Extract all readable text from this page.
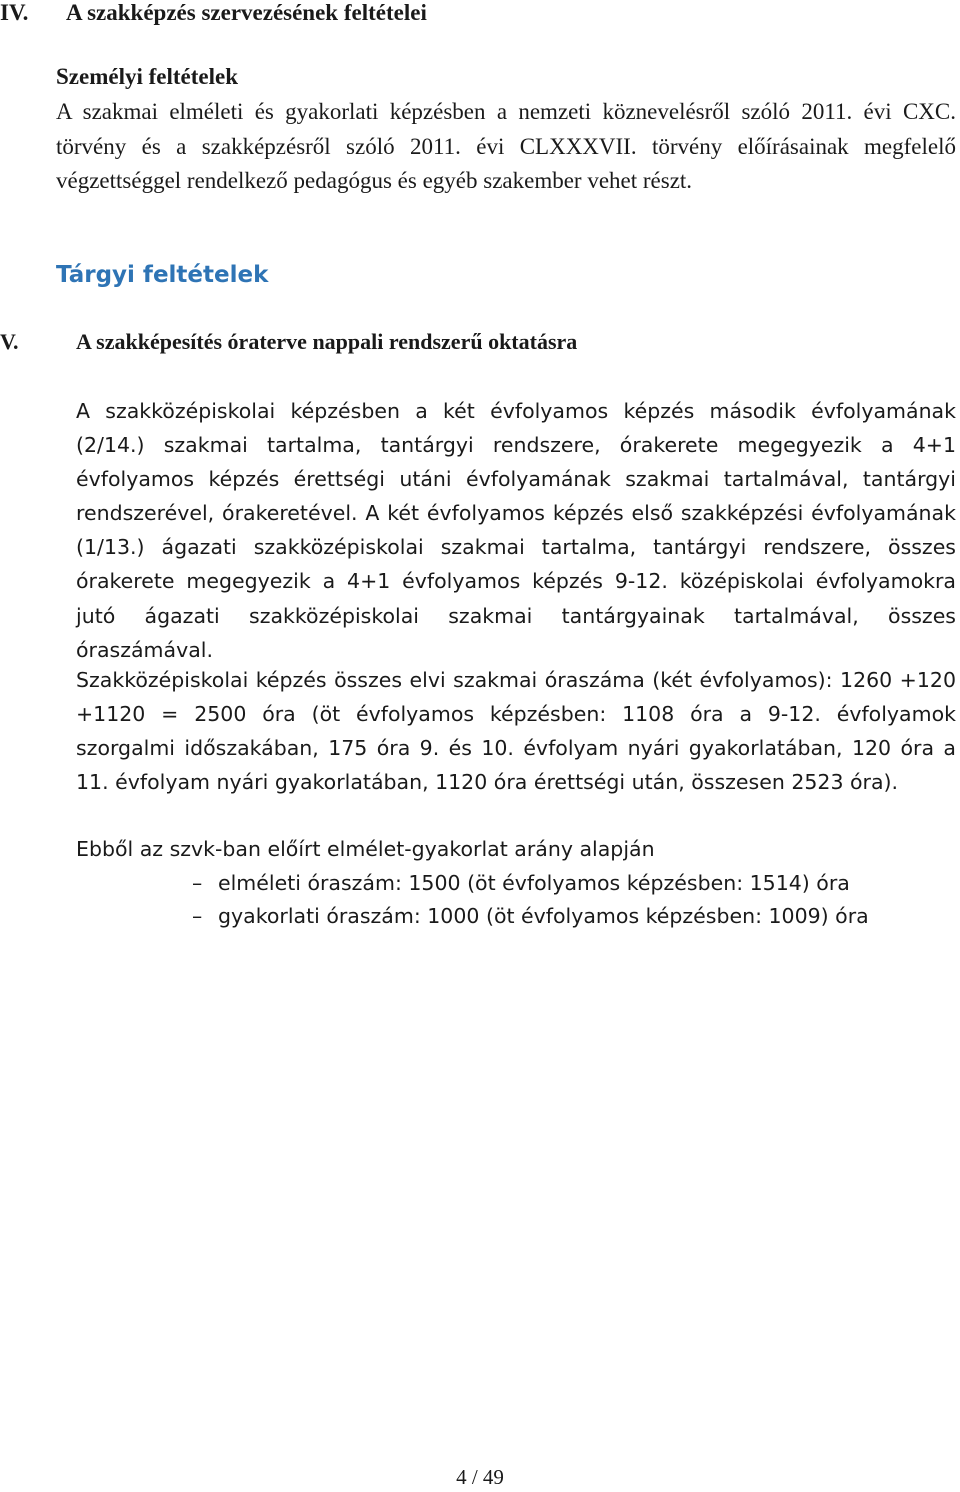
IV.	A szakképzés szervezésének feltételei
Személyi feltételek

A szakmai elméleti és gyakorlati képzésben a nemzeti köznevelésről szóló 2011. évi CXC. törvény és a szakképzésről szóló 2011. évi CLXXXVII. törvény előírásainak megfelelő végzettséggel rendelkező pedagógus és egyéb szakember vehet részt.

Tárgyi feltételek
V.	A szakképesítés óraterve nappali rendszerű oktatásra

A szakközépiskolai képzésben a két évfolyamos képzés második évfolyamának (2/14.) szakmai tartalma, tantárgyi rendszere, órakerete megegyezik a 4+1 évfolyamos képzés érettségi utáni évfolyamának szakmai tartalmával, tantárgyi rendszerével, órakeretével. A két évfolyamos képzés első szakképzési évfolyamának (1/13.) ágazati szakközépiskolai szakmai tartalma, tantárgyi rendszere, összes órakerete megegyezik a 4+1 évfolyamos képzés 9-12. középiskolai évfolyamokra jutó ágazati szakközépiskolai szakmai tantárgyainak tartalmával, összes óraszámával.

Szakközépiskolai képzés összes elvi szakmai óraszáma (két évfolyamos): 1260 +120 +1120 = 2500 óra (öt évfolyamos képzésben: 1108 óra a 9-12. évfolyamok szorgalmi időszakában, 175 óra 9. és 10. évfolyam nyári gyakorlatában, 120 óra a 11. évfolyam nyári gyakorlatában, 1120 óra érettségi után, összesen 2523 óra).

Ebből az szvk-ban előírt elmélet-gyakorlat arány alapján

– elméleti óraszám: 1500 (öt évfolyamos képzésben: 1514) óra
– gyakorlati óraszám: 1000 (öt évfolyamos képzésben: 1009) óra
4 / 49
